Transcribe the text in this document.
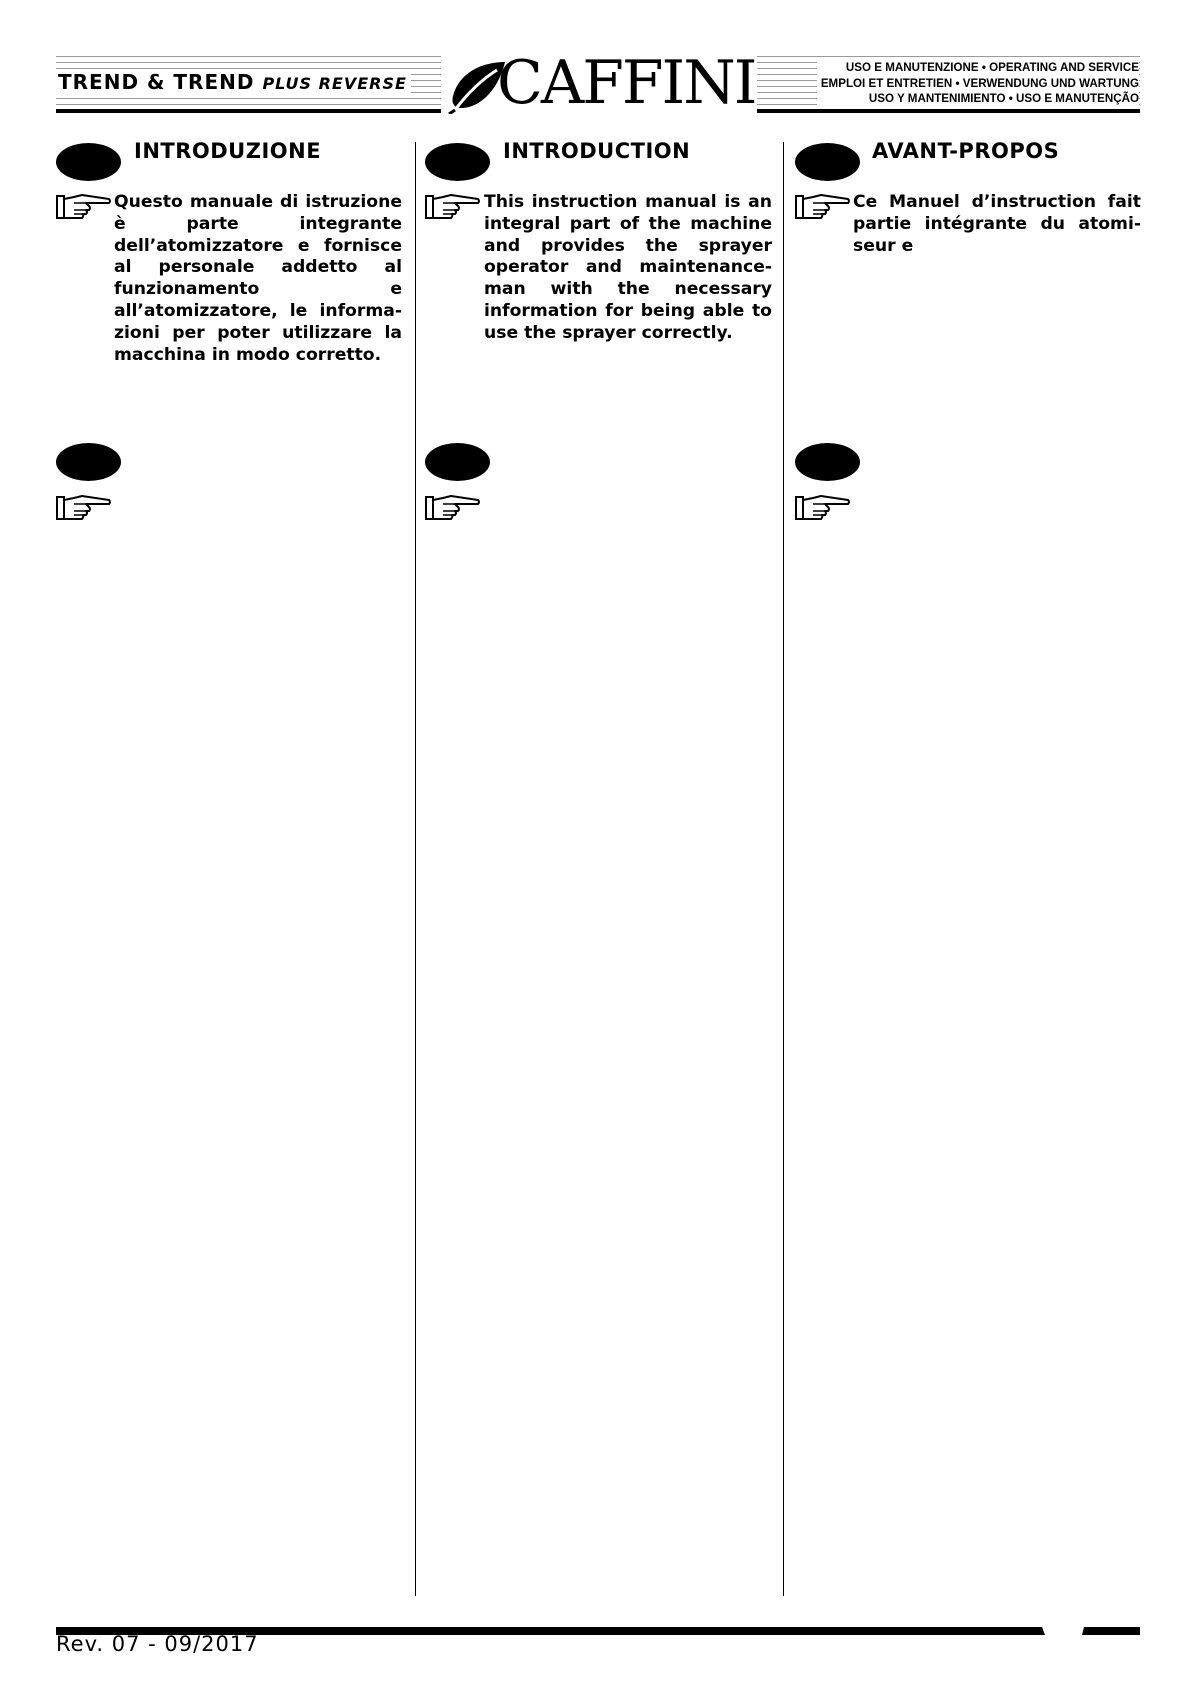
TREND & TREND PLUS REVERSE CAFFINI	USO E MANUTENZIONE • OPERATING AND SERVICE
EMPLOI ET ENTRETIEN • VERWENDUNG UND WARTUNG
USO Y MANTENIMIENTO • USO E MANUTENÇÃO
INTRODUZIONE
Questo manuale di istruzione è parte integrante dell’atomizzatore e fornisce al personale addetto al funzionamento e all’atomizzatore, le informazioni per poter utilizzare la macchina in modo corretto.
INTRODUCTION
This instruction manual is an integral part of the machine and provides the sprayer operator and maintenanceman with the necessary information for being able to use the sprayer correctly.
AVANT-PROPOS
Ce Manuel d’instruction fait partie intégrante du atomiseur e
Rev. 07 - 09/2017
